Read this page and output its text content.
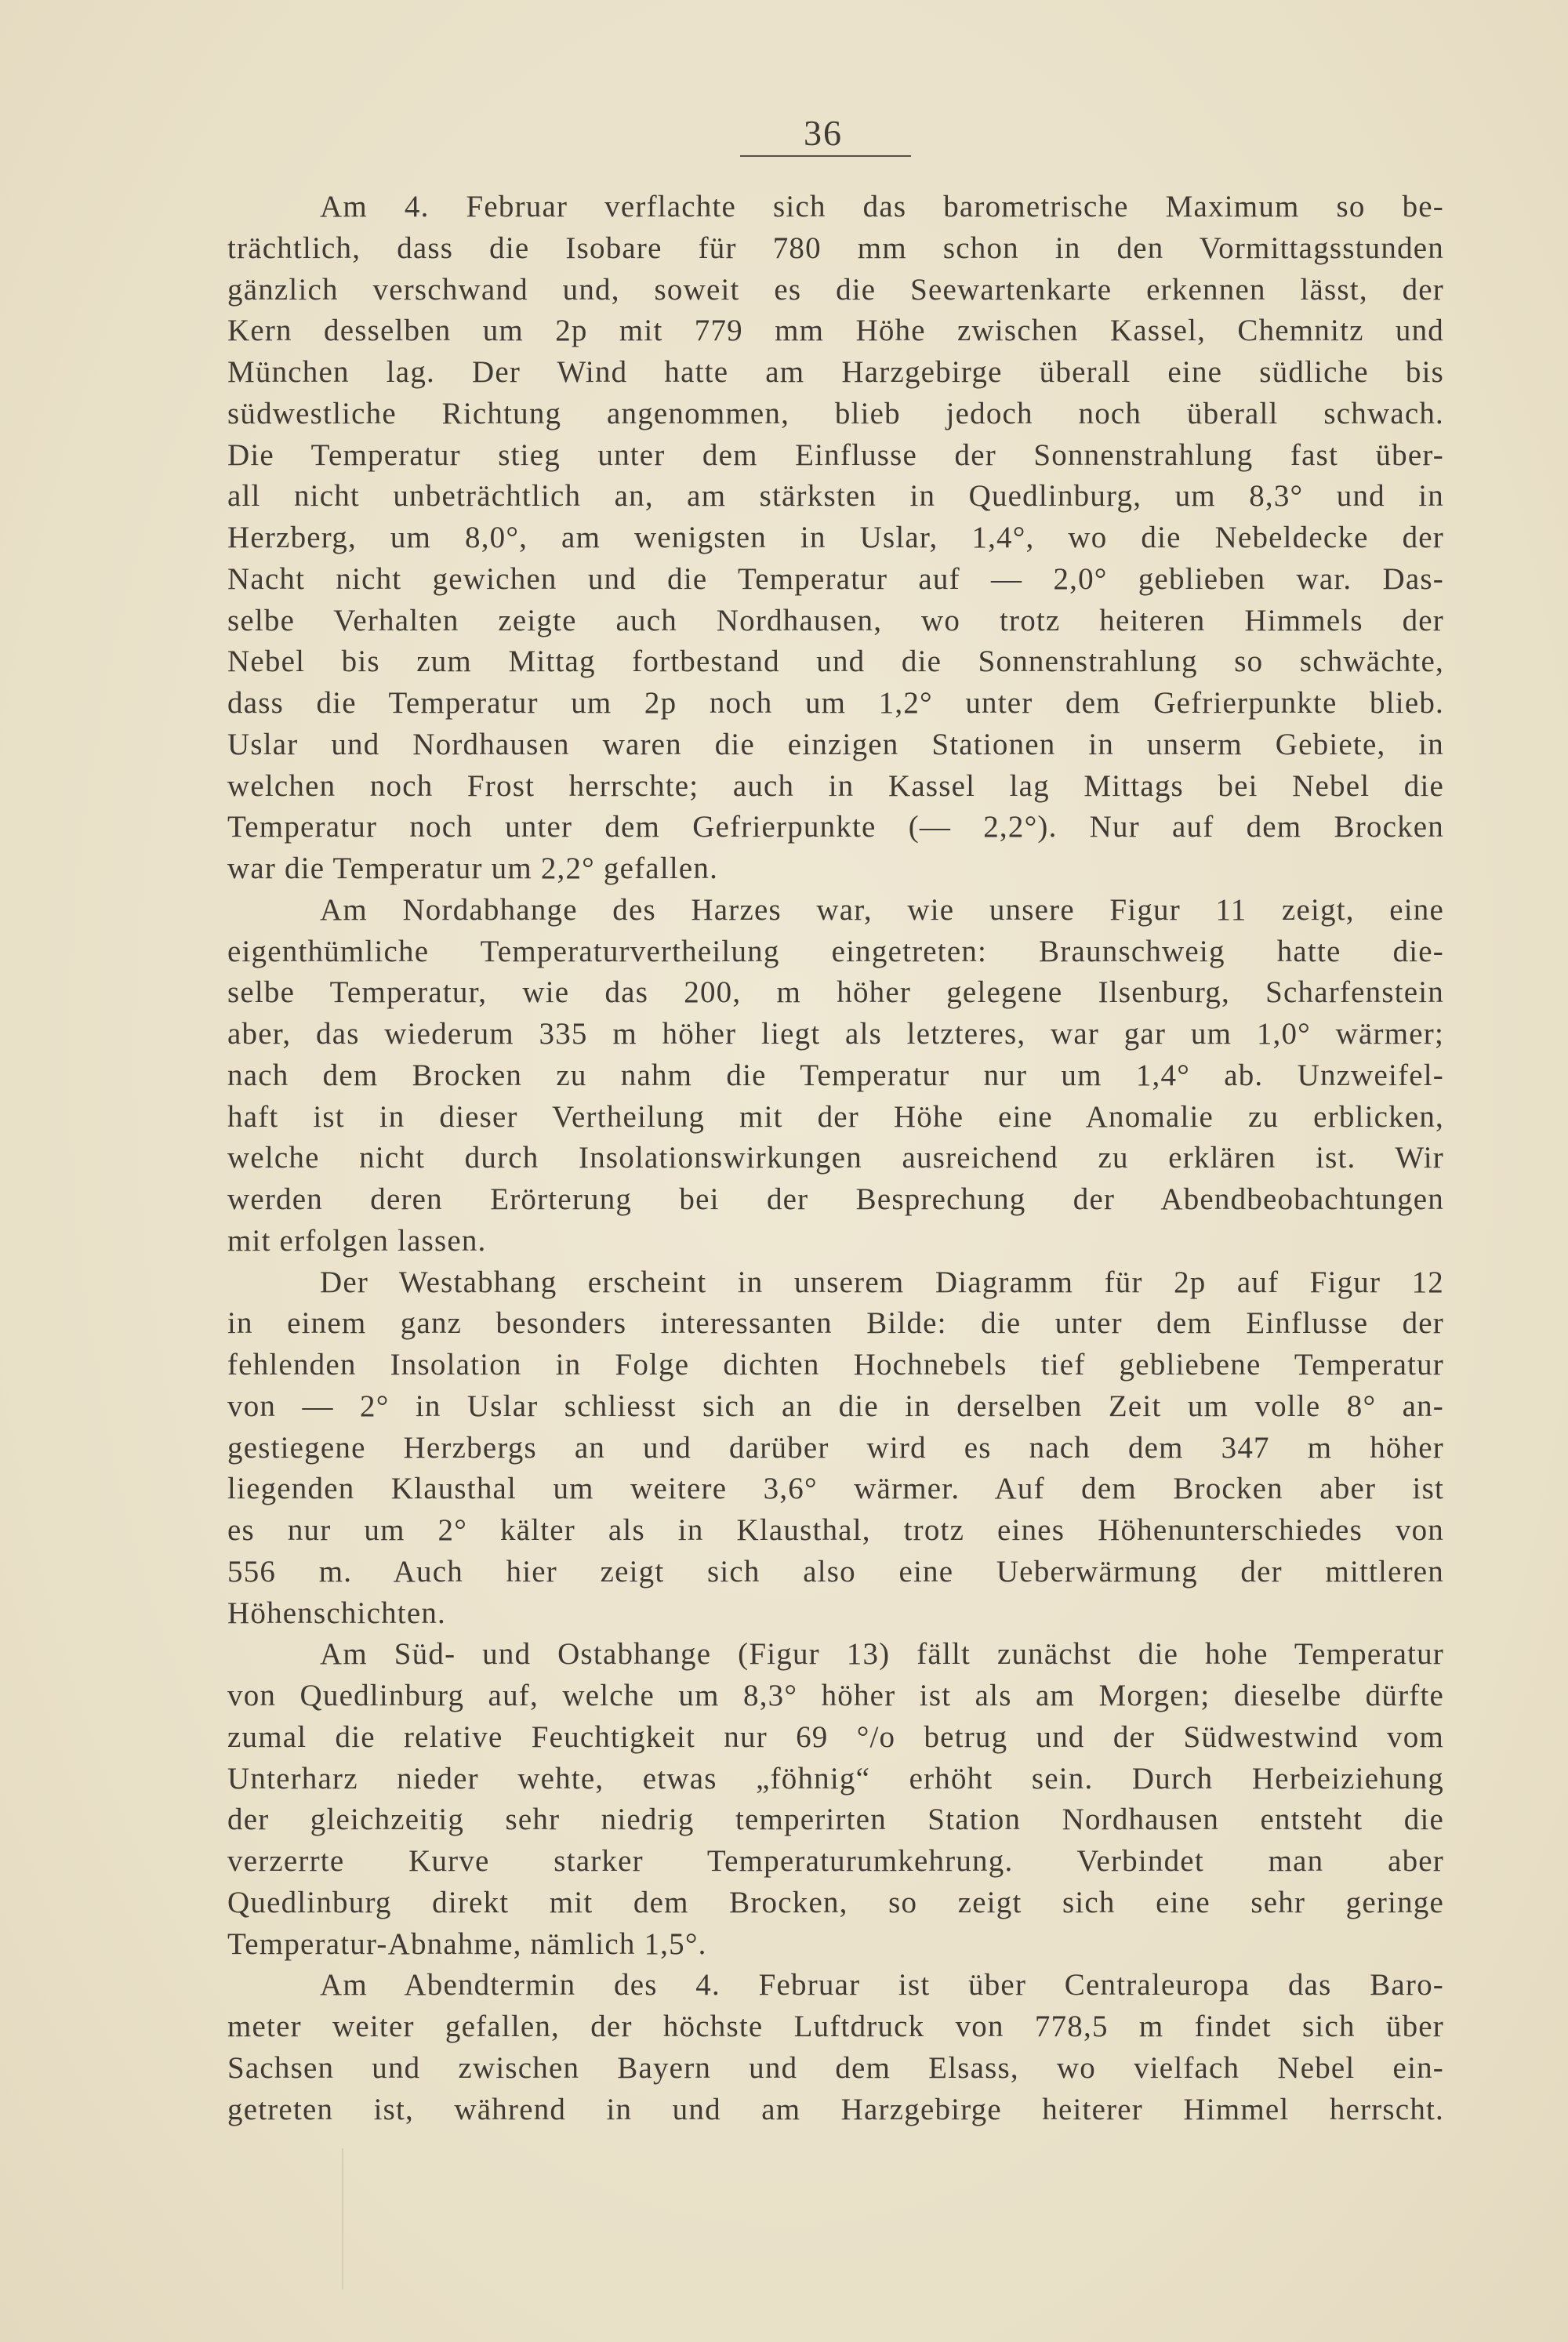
36
Am 4. Februar verflachte sich das barometrische Maximum so be-
trächtlich, dass die Isobare für 780 mm schon in den Vormittagsstunden
gänzlich verschwand und, soweit es die Seewartenkarte erkennen lässt, der
Kern desselben um 2p mit 779 mm Höhe zwischen Kassel, Chemnitz und
München lag. Der Wind hatte am Harzgebirge überall eine südliche bis
südwestliche Richtung angenommen, blieb jedoch noch überall schwach.
Die Temperatur stieg unter dem Einflusse der Sonnenstrahlung fast über-
all nicht unbeträchtlich an, am stärksten in Quedlinburg, um 8,3° und in
Herzberg, um 8,0°, am wenigsten in Uslar, 1,4°, wo die Nebeldecke der
Nacht nicht gewichen und die Temperatur auf — 2,0° geblieben war. Das-
selbe Verhalten zeigte auch Nordhausen, wo trotz heiteren Himmels der
Nebel bis zum Mittag fortbestand und die Sonnenstrahlung so schwächte,
dass die Temperatur um 2p noch um 1,2° unter dem Gefrierpunkte blieb.
Uslar und Nordhausen waren die einzigen Stationen in unserm Gebiete, in
welchen noch Frost herrschte; auch in Kassel lag Mittags bei Nebel die
Temperatur noch unter dem Gefrierpunkte (— 2,2°). Nur auf dem Brocken
war die Temperatur um 2,2° gefallen.
Am Nordabhange des Harzes war, wie unsere Figur 11 zeigt, eine
eigenthümliche Temperaturvertheilung eingetreten: Braunschweig hatte die-
selbe Temperatur, wie das 200, m höher gelegene Ilsenburg, Scharfenstein
aber, das wiederum 335 m höher liegt als letzteres, war gar um 1,0° wärmer;
nach dem Brocken zu nahm die Temperatur nur um 1,4° ab. Unzweifel-
haft ist in dieser Vertheilung mit der Höhe eine Anomalie zu erblicken,
welche nicht durch Insolationswirkungen ausreichend zu erklären ist. Wir
werden deren Erörterung bei der Besprechung der Abendbeobachtungen
mit erfolgen lassen.
Der Westabhang erscheint in unserem Diagramm für 2p auf Figur 12
in einem ganz besonders interessanten Bilde: die unter dem Einflusse der
fehlenden Insolation in Folge dichten Hochnebels tief gebliebene Temperatur
von — 2° in Uslar schliesst sich an die in derselben Zeit um volle 8° an-
gestiegene Herzbergs an und darüber wird es nach dem 347 m höher
liegenden Klausthal um weitere 3,6° wärmer. Auf dem Brocken aber ist
es nur um 2° kälter als in Klausthal, trotz eines Höhenunterschiedes von
556 m. Auch hier zeigt sich also eine Ueberwärmung der mittleren
Höhenschichten.
Am Süd- und Ostabhange (Figur 13) fällt zunächst die hohe Temperatur
von Quedlinburg auf, welche um 8,3° höher ist als am Morgen; dieselbe dürfte
zumal die relative Feuchtigkeit nur 69 °/o betrug und der Südwestwind vom
Unterharz nieder wehte, etwas „föhnig“ erhöht sein. Durch Herbeiziehung
der gleichzeitig sehr niedrig temperirten Station Nordhausen entsteht die
verzerrte Kurve starker Temperaturumkehrung. Verbindet man aber
Quedlinburg direkt mit dem Brocken, so zeigt sich eine sehr geringe
Temperatur-Abnahme, nämlich 1,5°.
Am Abendtermin des 4. Februar ist über Centraleuropa das Baro-
meter weiter gefallen, der höchste Luftdruck von 778,5 m findet sich über
Sachsen und zwischen Bayern und dem Elsass, wo vielfach Nebel ein-
getreten ist, während in und am Harzgebirge heiterer Himmel herrscht.
